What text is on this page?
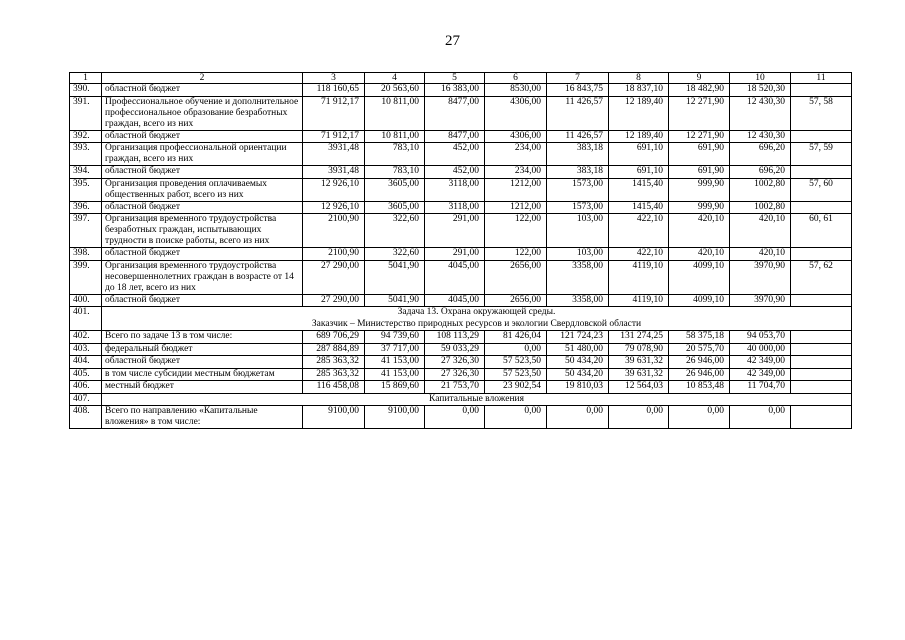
27
1	2	3	4	5	6	7	8	9	10	11
390.	областной бюджет	118 160,65	20 563,60	16 383,00	8530,00	16 843,75	18 837,10	18 482,90	18 520,30	
391.	Профессиональное обучение и дополнительное профессиональное образование безработных граждан, всего из них	71 912,17	10 811,00	8477,00	4306,00	11 426,57	12 189,40	12 271,90	12 430,30	57, 58
392.	областной бюджет	71 912,17	10 811,00	8477,00	4306,00	11 426,57	12 189,40	12 271,90	12 430,30	
393.	Организация профессиональной ориентации граждан, всего из них	3931,48	783,10	452,00	234,00	383,18	691,10	691,90	696,20	57, 59
394.	областной бюджет	3931,48	783,10	452,00	234,00	383,18	691,10	691,90	696,20	
395.	Организация проведения оплачиваемых общественных работ, всего из них	12 926,10	3605,00	3118,00	1212,00	1573,00	1415,40	999,90	1002,80	57, 60
396.	областной бюджет	12 926,10	3605,00	3118,00	1212,00	1573,00	1415,40	999,90	1002,80	
397.	Организация временного трудоустройства безработных граждан, испытывающих трудности в поиске работы, всего из них	2100,90	322,60	291,00	122,00	103,00	422,10	420,10	420,10	60, 61
398.	областной бюджет	2100,90	322,60	291,00	122,00	103,00	422,10	420,10	420,10	
399.	Организация временного трудоустройства несовершеннолетних граждан в возрасте от 14 до 18 лет, всего из них	27 290,00	5041,90	4045,00	2656,00	3358,00	4119,10	4099,10	3970,90	57, 62
400.	областной бюджет	27 290,00	5041,90	4045,00	2656,00	3358,00	4119,10	4099,10	3970,90	
401.	Задача 13. Охрана окружающей среды.
Заказчик – Министерство природных ресурсов и экологии Свердловской области									

402.	Всего по задаче 13 в том числе:	689 706,29	94 739,60	108 113,29	81 426,04	121 724,23	131 274,25	58 375,18	94 053,70	
403.	федеральный бюджет	287 884,89	37 717,00	59 033,29	0,00	51 480,00	79 078,90	20 575,70	40 000,00	
404.	областной бюджет	285 363,32	41 153,00	27 326,30	57 523,50	50 434,20	39 631,32	26 946,00	42 349,00	
405.	в том числе субсидии местным бюджетам	285 363,32	41 153,00	27 326,30	57 523,50	50 434,20	39 631,32	26 946,00	42 349,00	
406.	местный бюджет	116 458,08	15 869,60	21 753,70	23 902,54	19 810,03	12 564,03	10 853,48	11 704,70	
407.	Капитальные вложения									

408.	Всего по направлению «Капитальные вложения» в том числе:	9100,00	9100,00	0,00	0,00	0,00	0,00	0,00	0,00	
